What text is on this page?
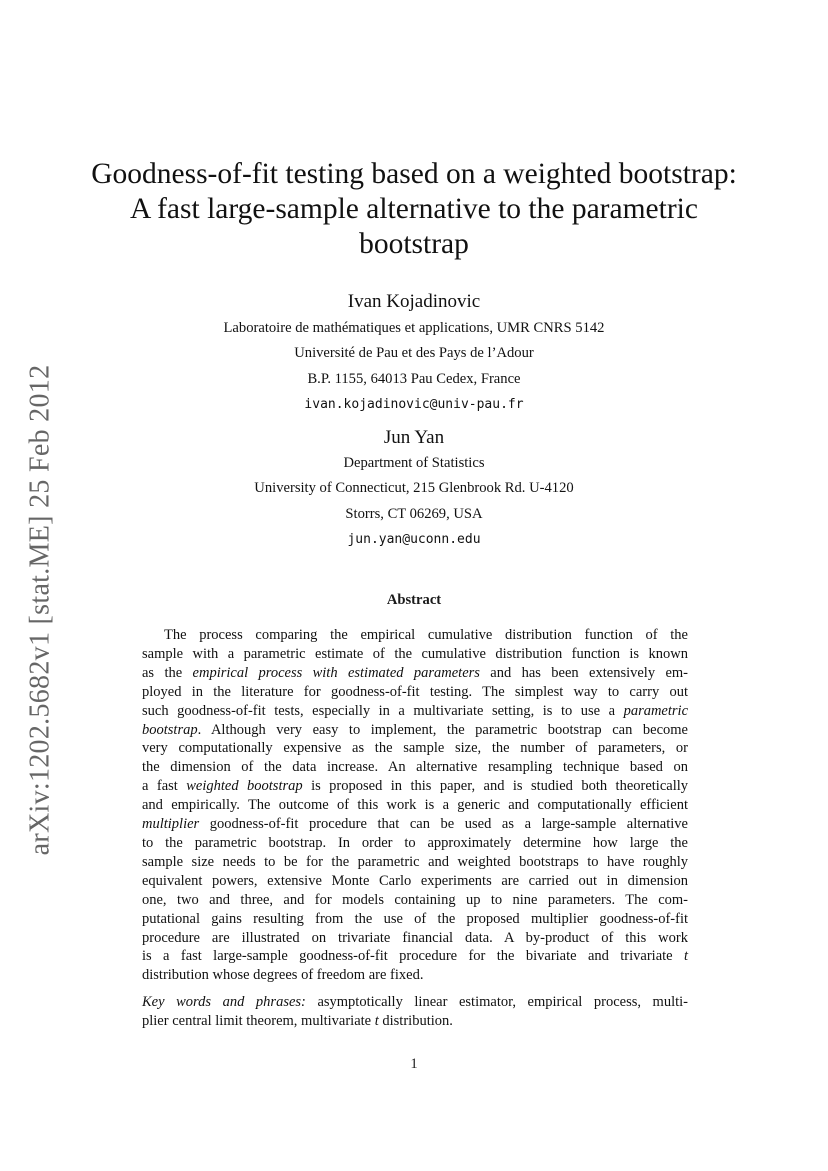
arXiv:1202.5682v1 [stat.ME] 25 Feb 2012
Goodness-of-fit testing based on a weighted bootstrap:
A fast large-sample alternative to the parametric
bootstrap
Ivan Kojadinovic
Laboratoire de mathématiques et applications, UMR CNRS 5142
Université de Pau et des Pays de l’Adour
B.P. 1155, 64013 Pau Cedex, France
ivan.kojadinovic@univ-pau.fr
Jun Yan
Department of Statistics
University of Connecticut, 215 Glenbrook Rd. U-4120
Storrs, CT 06269, USA
jun.yan@uconn.edu
Abstract
The process comparing the empirical cumulative distribution function of the
sample with a parametric estimate of the cumulative distribution function is known
as the empirical process with estimated parameters and has been extensively em-
ployed in the literature for goodness-of-fit testing. The simplest way to carry out
such goodness-of-fit tests, especially in a multivariate setting, is to use a parametric
bootstrap. Although very easy to implement, the parametric bootstrap can become
very computationally expensive as the sample size, the number of parameters, or
the dimension of the data increase. An alternative resampling technique based on
a fast weighted bootstrap is proposed in this paper, and is studied both theoretically
and empirically. The outcome of this work is a generic and computationally efficient
multiplier goodness-of-fit procedure that can be used as a large-sample alternative
to the parametric bootstrap. In order to approximately determine how large the
sample size needs to be for the parametric and weighted bootstraps to have roughly
equivalent powers, extensive Monte Carlo experiments are carried out in dimension
one, two and three, and for models containing up to nine parameters. The com-
putational gains resulting from the use of the proposed multiplier goodness-of-fit
procedure are illustrated on trivariate financial data. A by-product of this work
is a fast large-sample goodness-of-fit procedure for the bivariate and trivariate t
distribution whose degrees of freedom are fixed.
Key words and phrases: asymptotically linear estimator, empirical process, multi-
plier central limit theorem, multivariate t distribution.
1
